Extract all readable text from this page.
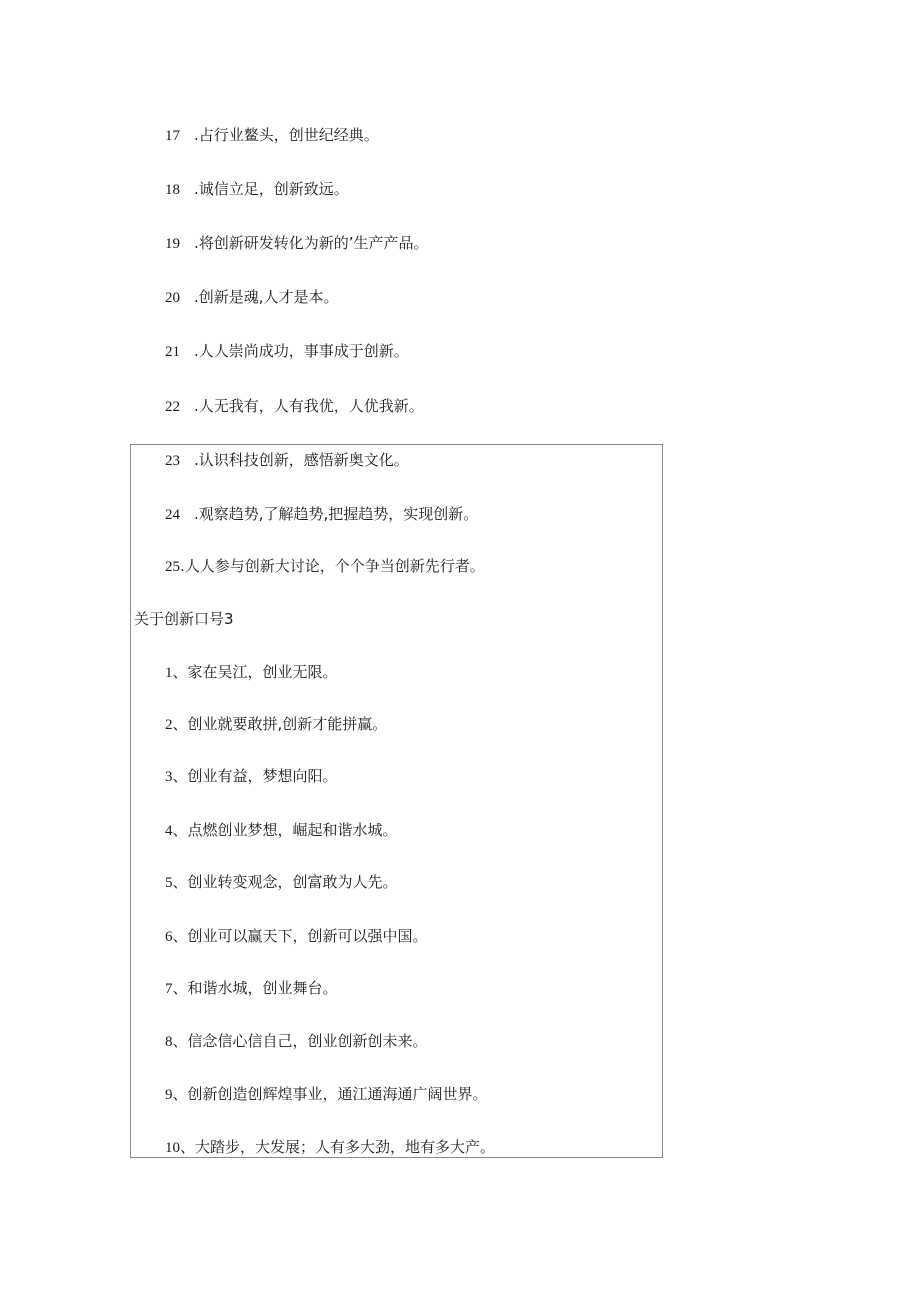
17 .占行业鳌头，创世纪经典。
18 .诚信立足，创新致远。
19 .将创新研发转化为新的’生产产品。
20 .创新是魂,人才是本。
21 .人人崇尚成功，事事成于创新。
22 .人无我有，人有我优，人优我新。
23 .认识科技创新，感悟新奥文化。
24 .观察趋势,了解趋势,把握趋势，实现创新。
25.人人参与创新大讨论，个个争当创新先行者。
关于创新口号3
1、家在吴江，创业无限。
2、创业就要敢拼,创新才能拼赢。
3、创业有益，梦想向阳。
4、点燃创业梦想，崛起和谐水城。
5、创业转变观念，创富敢为人先。
6、创业可以赢天下，创新可以强中国。
7、和谐水城，创业舞台。
8、信念信心信自己，创业创新创未来。
9、创新创造创辉煌事业，通江通海通广阔世界。
10、大踏步，大发展；人有多大劲，地有多大产。
